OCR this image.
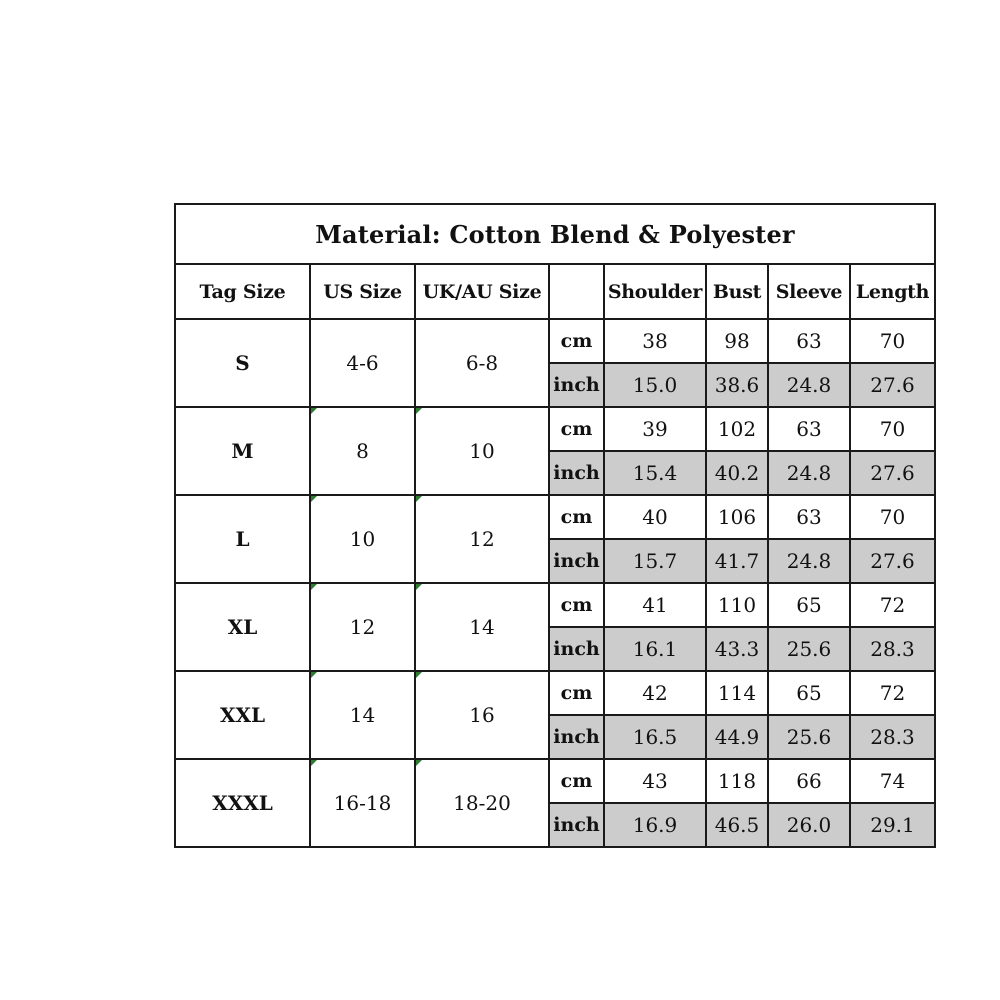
Material: Cotton Blend & Polyester							
Tag Size	US Size	UK/AU Size		Shoulder	Bust	Sleeve	Length
S	4-6	6-8	cm	38	98	63	70
			inch	15.0	38.6	24.8	27.6
M	8	10	cm	39	102	63	70
			inch	15.4	40.2	24.8	27.6
L	10	12	cm	40	106	63	70
			inch	15.7	41.7	24.8	27.6
XL	12	14	cm	41	110	65	72
			inch	16.1	43.3	25.6	28.3
XXL	14	16	cm	42	114	65	72
			inch	16.5	44.9	25.6	28.3
XXXL	16-18	18-20	cm	43	118	66	74
			inch	16.9	46.5	26.0	29.1
